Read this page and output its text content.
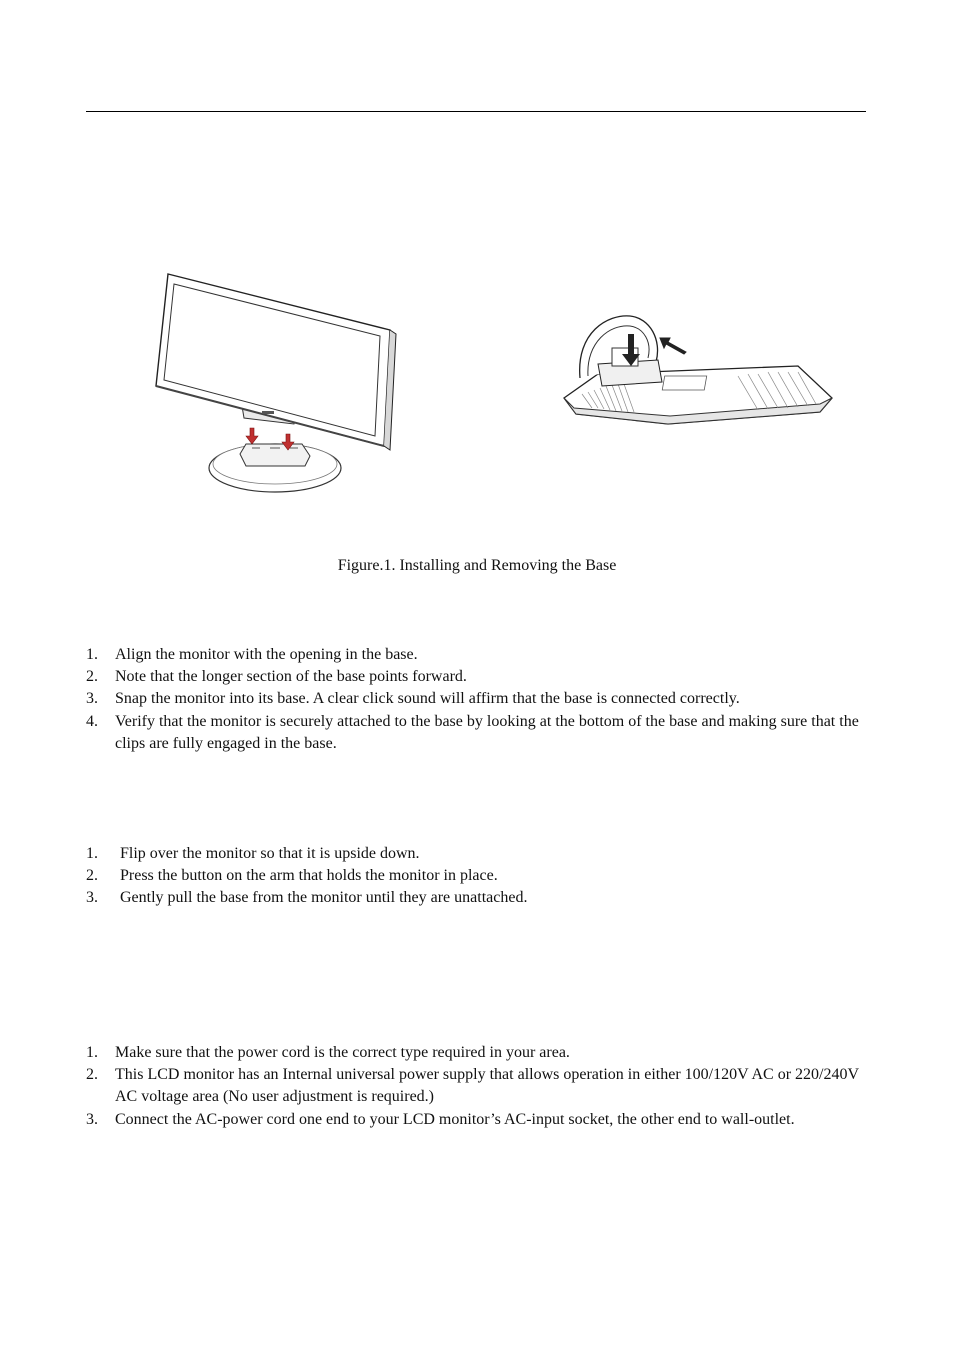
Figure.1. Installing and Removing the Base
1. Align the monitor with the opening in the base.
2. Note that the longer section of the base points forward.
3. Snap the monitor into its base. A clear click sound will affirm that the base is connected correctly.
4. Verify that the monitor is securely attached to the base by looking at the bottom of the base and making sure that the clips are fully engaged in the base.
1. Flip over the monitor so that it is upside down.
2. Press the button on the arm that holds the monitor in place.
3. Gently pull the base from the monitor until they are unattached.
1. Make sure that the power cord is the correct type required in your area.
2. This LCD monitor has an Internal universal power supply that allows operation in either 100/120V AC or 220/240V AC voltage area (No user adjustment is required.)
3. Connect the AC-power cord one end to your LCD monitor’s AC-input socket, the other end to wall-outlet.
